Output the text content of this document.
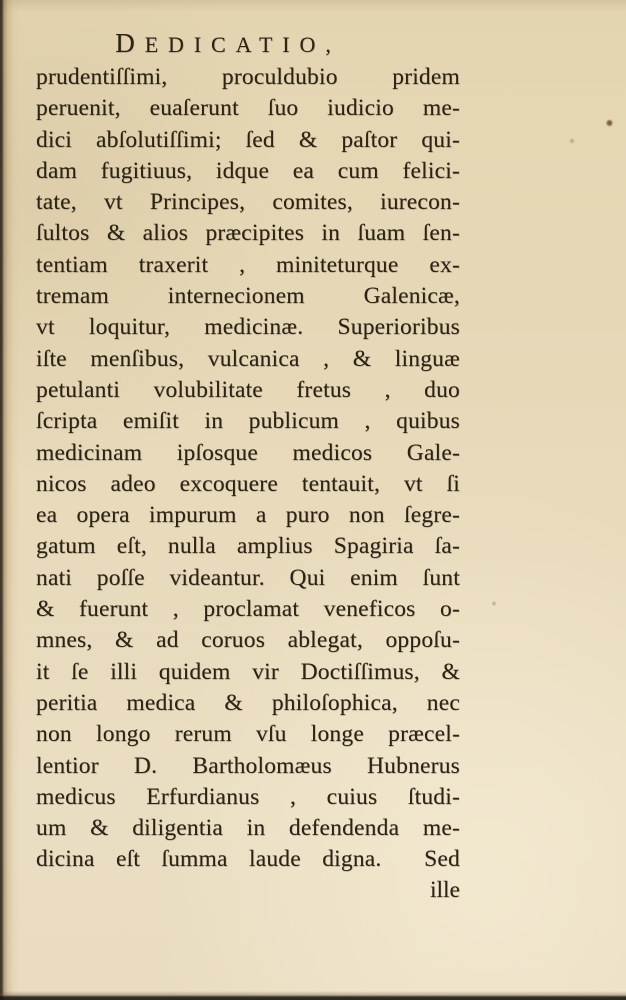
DEDICATIO,
prudentiſſimi, proculdubio pridem
peruenit, euaſerunt ſuo iudicio me-
dici abſolutiſſimi; ſed & paſtor qui-
dam fugitiuus, idque ea cum felici-
tate, vt Principes, comites, iurecon-
ſultos & alios præcipites in ſuam ſen-
tentiam traxerit , miniteturque ex-
tremam internecionem Galenicæ,
vt loquitur, medicinæ. Superioribus
iſte menſibus, vulcanica , & linguæ
petulanti volubilitate fretus , duo
ſcripta emiſit in publicum , quibus
medicinam ipſosque medicos Gale-
nicos adeo excoquere tentauit, vt ſi
ea opera impurum a puro non ſegre-
gatum eſt, nulla amplius Spagiria ſa-
nati poſſe videantur. Qui enim ſunt
& fuerunt , proclamat veneficos o-
mnes, & ad coruos ablegat, oppoſu-
it ſe illi quidem vir Doctiſſimus, &
peritia medica & philoſophica, nec
non longo rerum vſu longe præcel-
lentior D. Bartholomæus Hubnerus
medicus Erfurdianus , cuius ſtudi-
um & diligentia in defendenda me-
dicina eſt ſumma laude digna.  Sed
ille
